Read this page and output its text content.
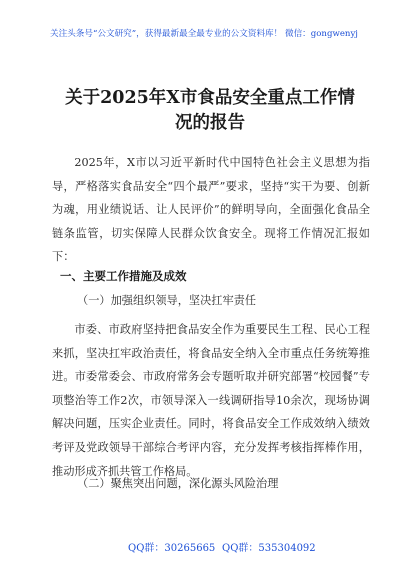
关注头条号“公文研究”，获得最新最全最专业的公文资料库！ 微信：gongwenyj
关于2025年X市食品安全重点工作情况的报告
2025年，X市以习近平新时代中国特色社会主义思想为指导，严格落实食品安全“四个最严”要求，坚持“实干为要、创新为魂，用业绩说话、让人民评价”的鲜明导向，全面强化食品全链条监管，切实保障人民群众饮食安全。现将工作情况汇报如下：
一、主要工作措施及成效
（一）加强组织领导，坚决扛牢责任
市委、市政府坚持把食品安全作为重要民生工程、民心工程来抓，坚决扛牢政治责任，将食品安全纳入全市重点任务统筹推进。市委常委会、市政府常务会专题听取并研究部署“校园餐”专项整治等工作2次，市领导深入一线调研指导10余次，现场协调解决问题，压实企业责任。同时，将食品安全工作成效纳入绩效考评及党政领导干部综合考评内容，充分发挥考核指挥棒作用，推动形成齐抓共管工作格局。
（二）聚焦突出问题，深化源头风险治理
QQ群：30265665 QQ群：535304092
